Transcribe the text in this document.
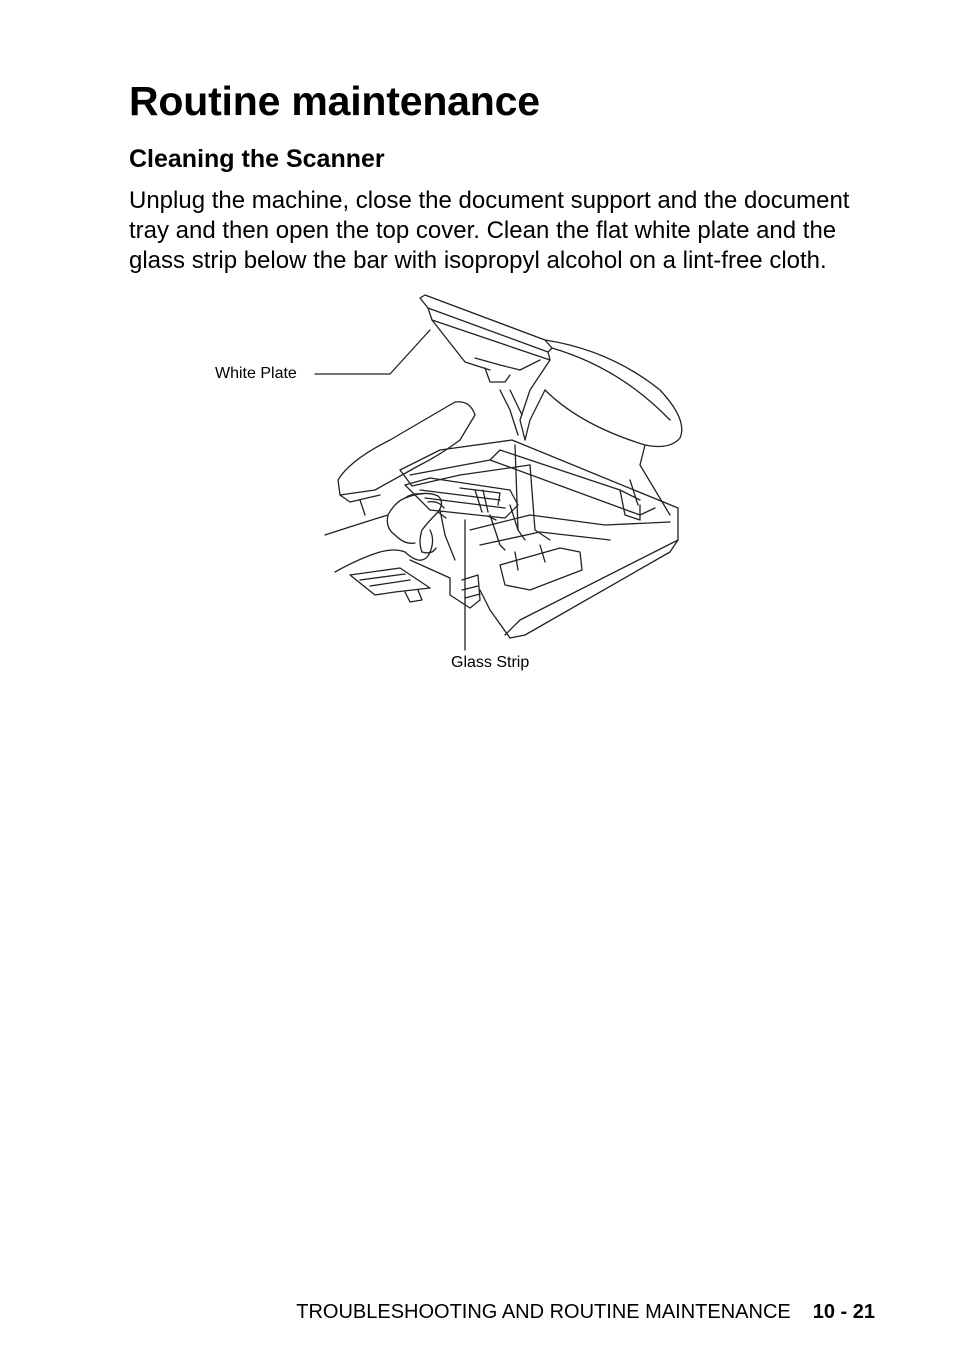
Routine maintenance
Cleaning the Scanner

Unplug the machine, close the document support and the document tray and then open the top cover. Clean the flat white plate and the glass strip below the bar with isopropyl alcohol on a lint-free cloth.

White Plate
Glass Strip
TROUBLESHOOTING AND ROUTINE MAINTENANCE 10 - 21
